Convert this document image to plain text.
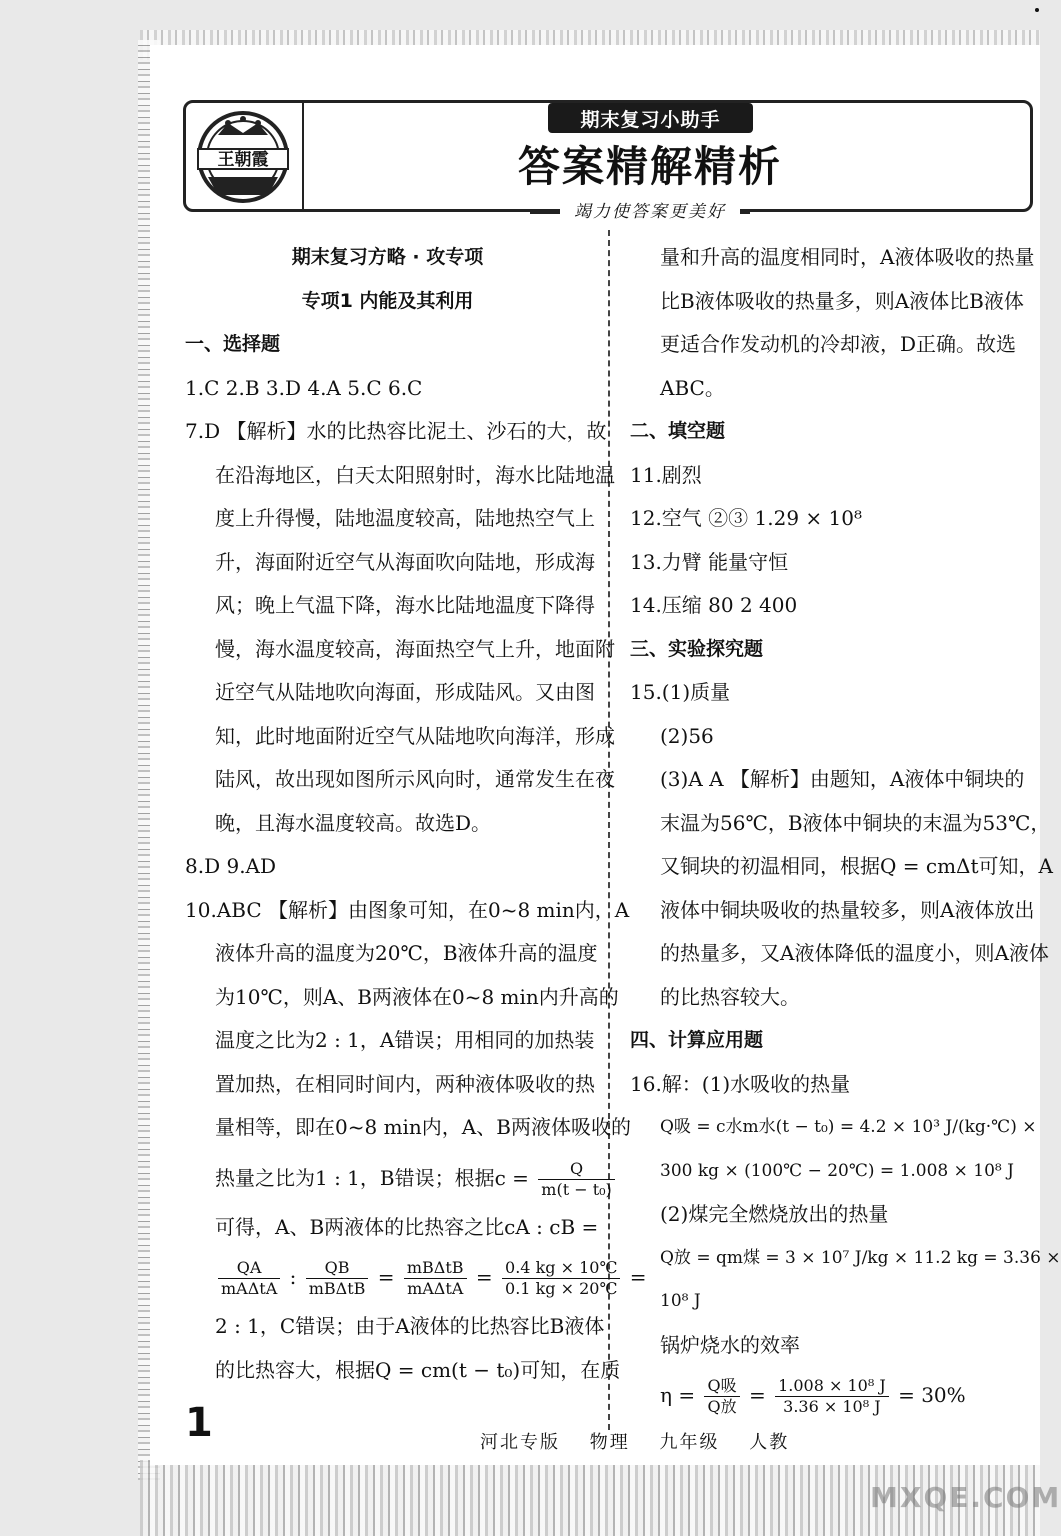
王朝霞
期末复习小助手
答案精解精析
竭力使答案更美好
期末复习方略 · 攻专项
专项1 内能及其利用
一、选择题
1.C 2.B 3.D 4.A 5.C 6.C
7.D 【解析】水的比热容比泥土、沙石的大，故
在沿海地区，白天太阳照射时，海水比陆地温
度上升得慢，陆地温度较高，陆地热空气上
升，海面附近空气从海面吹向陆地，形成海
风；晚上气温下降，海水比陆地温度下降得
慢，海水温度较高，海面热空气上升，地面附
近空气从陆地吹向海面，形成陆风。又由图
知，此时地面附近空气从陆地吹向海洋，形成
陆风，故出现如图所示风向时，通常发生在夜
晚，且海水温度较高。故选D。
8.D 9.AD
10.ABC 【解析】由图象可知，在0~8 min内，A
液体升高的温度为20℃，B液体升高的温度
为10℃，则A、B两液体在0~8 min内升高的
温度之比为2 : 1，A错误；用相同的加热装
置加热，在相同时间内，两种液体吸收的热
量相等，即在0~8 min内，A、B两液体吸收的
热量之比为1 : 1，B错误；根据$c = \frac{Q}{\text{m(t − t₀)}}$
可得，A、B两液体的比热容之比cA : cB =
$\frac{QA}{\text{mAΔtA}}$ : $\frac{QB}{\text{mBΔtB}} = \frac{\text{mBΔtB}}{\text{mAΔtA}} = \frac{0.4 kg \times 10℃}{0.1 kg \times 20℃}$
2 : 1，C错误；由于A液体的比热容比B液体
的比热容大，根据Q = cm(t − t₀)可知，在质
量和升高的温度相同时，A液体吸收的热量
比B液体吸收的热量多，则A液体比B液体
更适合作发动机的冷却液，D正确。故选
ABC。
二、填空题
11.剧烈
12.空气 ②③ 1.29 × 10⁸
13.力臂 能量守恒
14.压缩 80 2 400
三、实验探究题
15.(1)质量
(2)56
(3)A A 【解析】由题知，A液体中铜块的
末温为56℃，B液体中铜块的末温为53℃，
又铜块的初温相同，根据Q = cmΔt可知，A
液体中铜块吸收的热量较多，则A液体放出
的热量多，又A液体降低的温度小，则A液体
的比热容较大。
四、计算应用题
16.解：(1)水吸收的热量
Q吸 = c水m水(t − t₀) = 4.2 × 10³ J/(kg·℃) ×
300 kg × (100℃ − 20℃) = 1.008 × 10⁸ J
(2)煤完全燃烧放出的热量
Q放 = qm煤 = 3 × 10⁷ J/kg × 11.2 kg = 3.36 ×
10⁸ J
锅炉烧水的效率
$\eta = \frac{\text{Q吸}}{\text{Q放}} = \frac{\text{1.008 × 10⁸ J}}{\text{3.36 × 10⁸ J}} = 30\%$
1	河北专版 物理 九年级 人教
MXQE.COM
